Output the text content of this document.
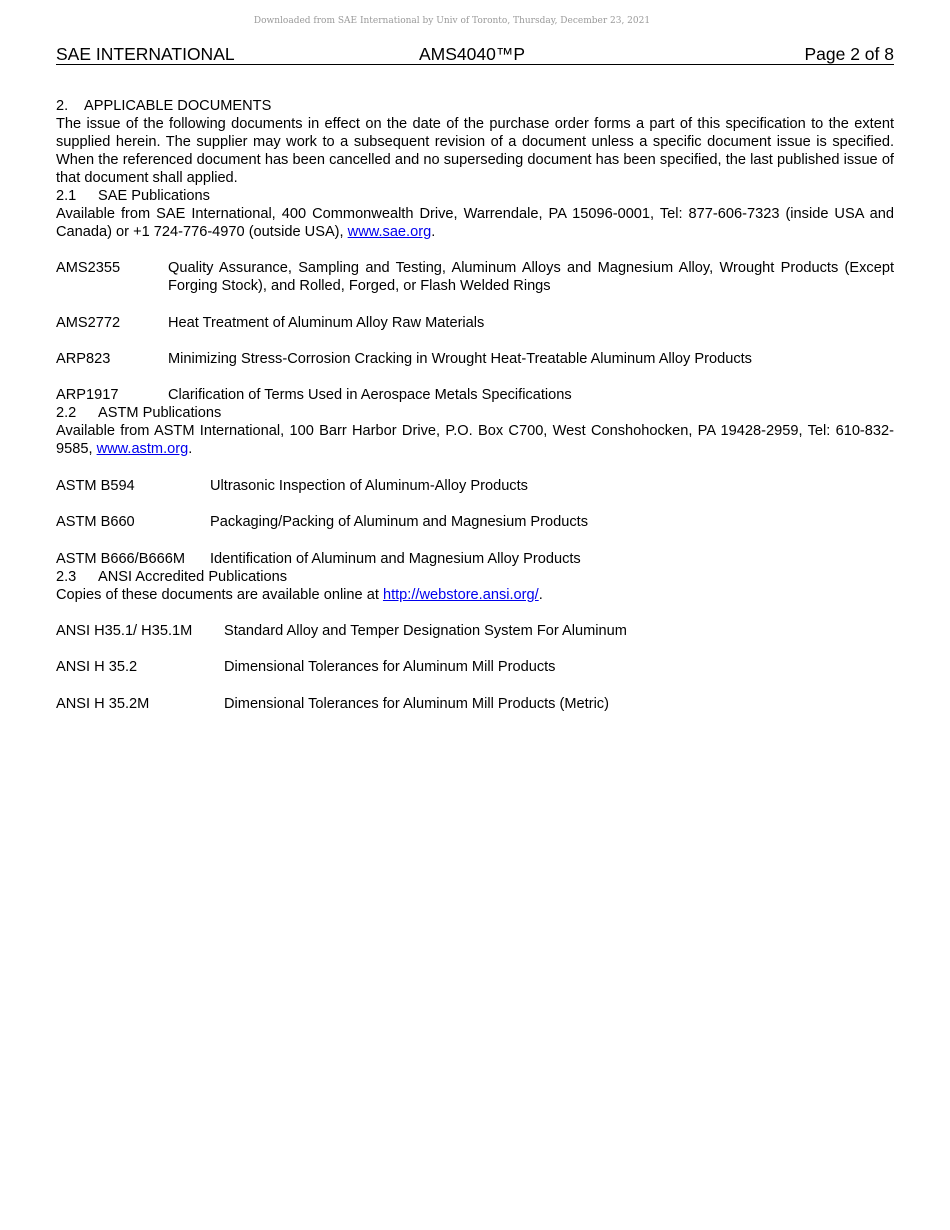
Downloaded from SAE International by Univ of Toronto, Thursday, December 23, 2021
SAE INTERNATIONAL	AMS4040™P	Page 2 of 8

2. APPLICABLE DOCUMENTS

The issue of the following documents in effect on the date of the purchase order forms a part of this specification to the extent supplied herein. The supplier may work to a subsequent revision of a document unless a specific document issue is specified. When the referenced document has been cancelled and no superseding document has been specified, the last published issue of that document shall applied.

2.1 SAE Publications

Available from SAE International, 400 Commonwealth Drive, Warrendale, PA 15096-0001, Tel: 877-606-7323 (inside USA and Canada) or +1 724-776-4970 (outside USA), www.sae.org.

AMS2355	Quality Assurance, Sampling and Testing, Aluminum Alloys and Magnesium Alloy, Wrought Products (Except Forging Stock), and Rolled, Forged, or Flash Welded Rings
AMS2772	Heat Treatment of Aluminum Alloy Raw Materials
ARP823	Minimizing Stress-Corrosion Cracking in Wrought Heat-Treatable Aluminum Alloy Products
ARP1917	Clarification of Terms Used in Aerospace Metals Specifications

2.2 ASTM Publications

Available from ASTM International, 100 Barr Harbor Drive, P.O. Box C700, West Conshohocken, PA 19428-2959, Tel: 610-832-9585, www.astm.org.

ASTM B594	Ultrasonic Inspection of Aluminum-Alloy Products
ASTM B660	Packaging/Packing of Aluminum and Magnesium Products
ASTM B666/B666M	Identification of Aluminum and Magnesium Alloy Products

2.3 ANSI Accredited Publications

Copies of these documents are available online at http://webstore.ansi.org/.

ANSI H35.1/ H35.1M	Standard Alloy and Temper Designation System For Aluminum
ANSI H 35.2	Dimensional Tolerances for Aluminum Mill Products
ANSI H 35.2M	Dimensional Tolerances for Aluminum Mill Products (Metric)
